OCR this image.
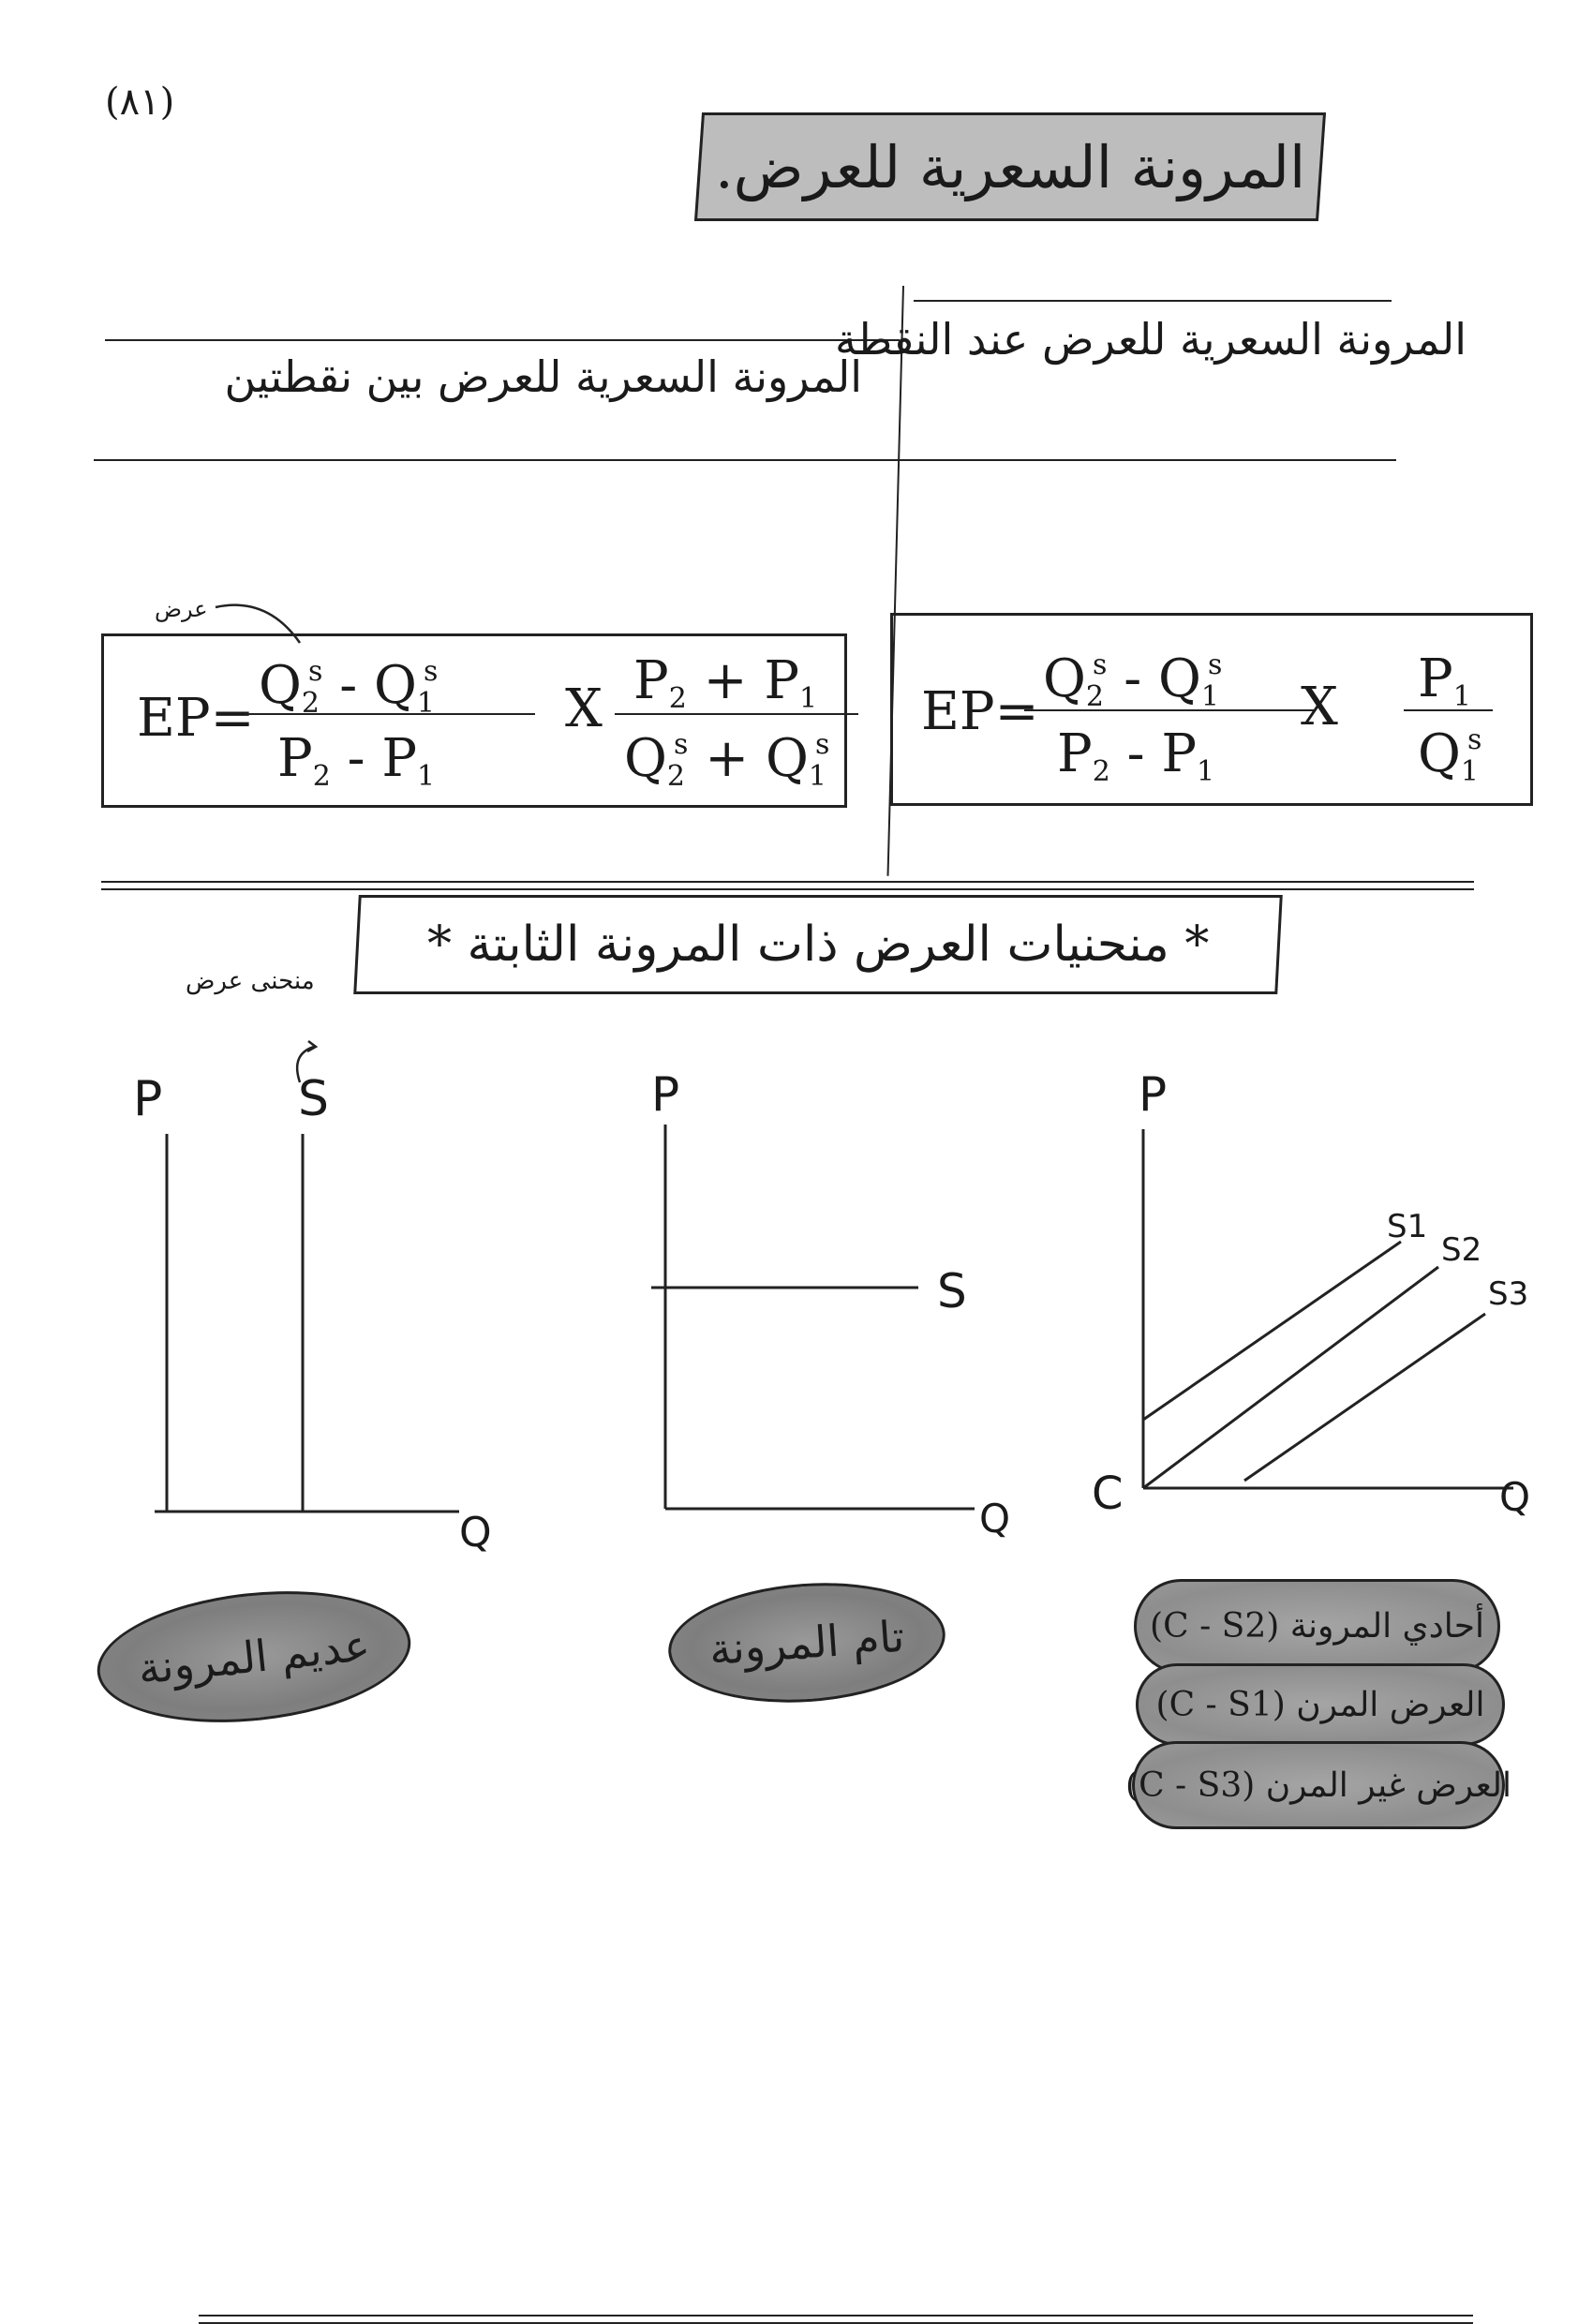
(٨١)
المرونة السعرية للعرض.
المرونة السعرية للعرض عند النقطة
المرونة السعرية للعرض بين نقطتين
عرض
EP=
$Q2^s - Q1^s$
P2 - P1
X P2 + P1
$Q2^s + Q1^s$
EP=
$Q2^s - Q1^s$
P2 - P1
X P1
Q1$^s$
* منحنيات العرض ذات المرونة الثابتة *
منحنى عرض
P	S
Q
P
S
Q
P
S1
S2
S3
C	Q
عديم المرونة	تام المرونة	أحادي المرونة (C - S2)
العرض المرن (C - S1)
العرض غير المرن (C - S3)
